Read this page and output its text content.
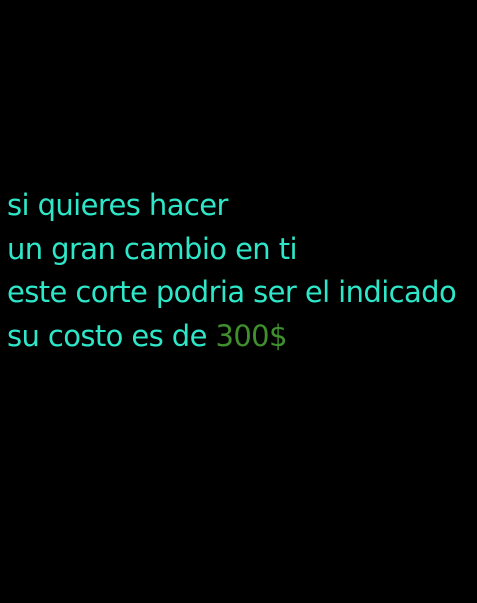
si quieres hacer
un gran cambio en ti
este corte podria ser el indicado
su costo es de 300$
